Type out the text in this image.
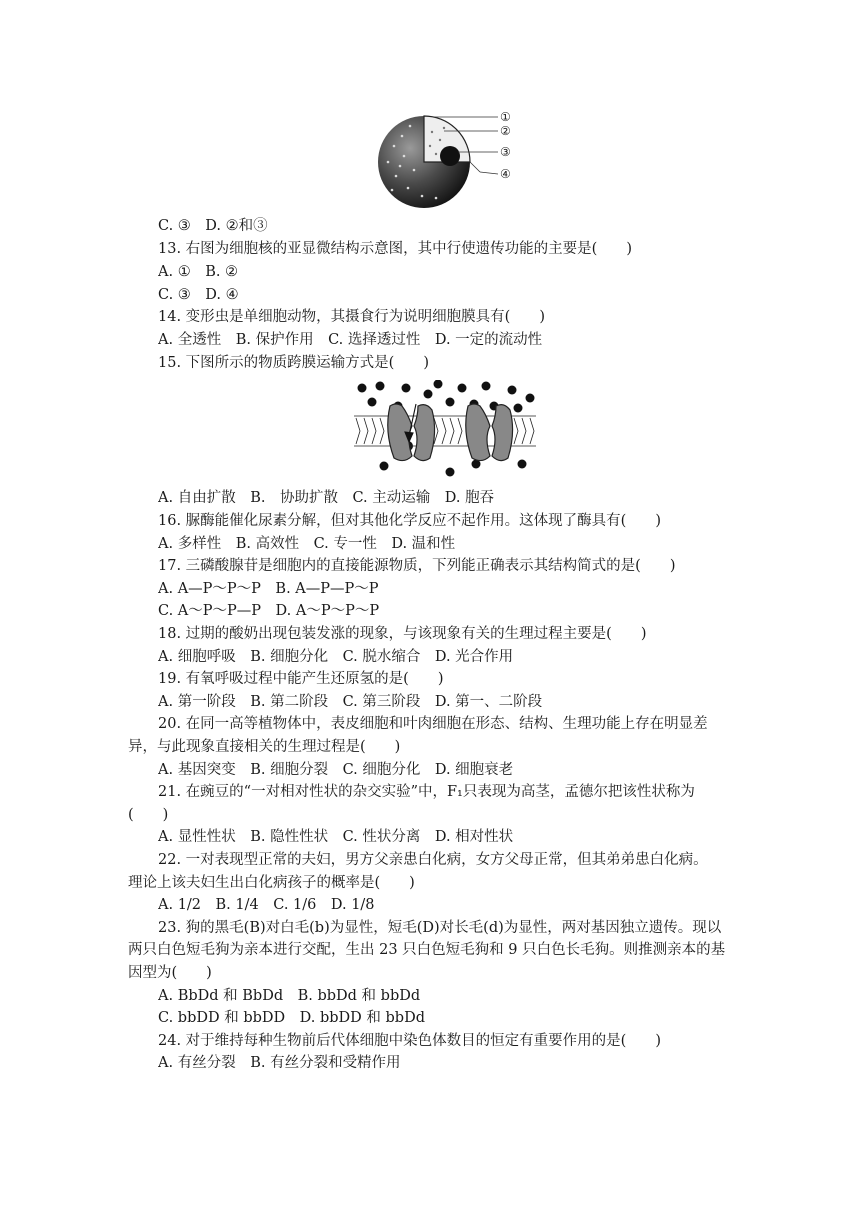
①
②
③
④
C. ③　D. ②和③
13. 右图为细胞核的亚显微结构示意图，其中行使遗传功能的主要是(　　)
A. ①　B. ②
C. ③　D. ④
14. 变形虫是单细胞动物，其摄食行为说明细胞膜具有(　　)
A. 全透性　B. 保护作用　C. 选择透过性　D. 一定的流动性
15. 下图所示的物质跨膜运输方式是(　　)
A. 自由扩散　B.　协助扩散　C. 主动运输　D. 胞吞
16. 脲酶能催化尿素分解，但对其他化学反应不起作用。这体现了酶具有(　　)
A. 多样性　B. 高效性　C. 专一性　D. 温和性
17. 三磷酸腺苷是细胞内的直接能源物质，下列能正确表示其结构简式的是(　　)
A. A—P～P～P　B. A—P—P～P
C. A～P～P—P　D. A～P～P～P
18. 过期的酸奶出现包装发涨的现象，与该现象有关的生理过程主要是(　　)
A. 细胞呼吸　B. 细胞分化　C. 脱水缩合　D. 光合作用
19. 有氧呼吸过程中能产生还原氢的是(　　)
A. 第一阶段　B. 第二阶段　C. 第三阶段　D. 第一、二阶段
20. 在同一高等植物体中，表皮细胞和叶肉细胞在形态、结构、生理功能上存在明显差
异，与此现象直接相关的生理过程是(　　)
A. 基因突变　B. 细胞分裂　C. 细胞分化　D. 细胞衰老
21. 在豌豆的“一对相对性状的杂交实验”中，F₁只表现为高茎，孟德尔把该性状称为
(　　)
A. 显性性状　B. 隐性性状　C. 性状分离　D. 相对性状
22. 一对表现型正常的夫妇，男方父亲患白化病，女方父母正常，但其弟弟患白化病。
理论上该夫妇生出白化病孩子的概率是(　　)
A. 1/2　B. 1/4　C. 1/6　D. 1/8
23. 狗的黑毛(B)对白毛(b)为显性，短毛(D)对长毛(d)为显性，两对基因独立遗传。现以
两只白色短毛狗为亲本进行交配，生出 23 只白色短毛狗和 9 只白色长毛狗。则推测亲本的基
因型为(　　)
A. BbDd 和 BbDd　B. bbDd 和 bbDd
C. bbDD 和 bbDD　D. bbDD 和 bbDd
24. 对于维持每种生物前后代体细胞中染色体数目的恒定有重要作用的是(　　)
A. 有丝分裂　B. 有丝分裂和受精作用
